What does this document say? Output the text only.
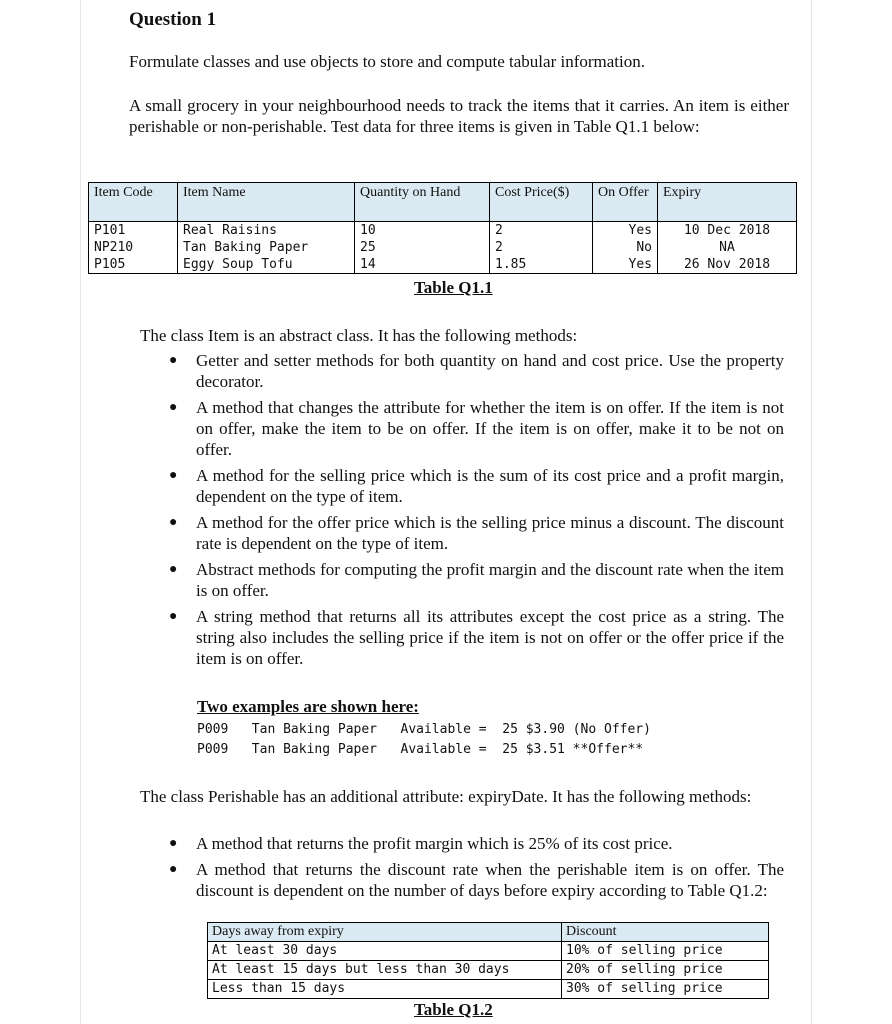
Question 1

Formulate classes and use objects to store and compute tabular information.

A small grocery in your neighbourhood needs to track the items that it carries. An item is either perishable or non-perishable. Test data for three items is given in Table Q1.1 below:

Item Code	Item Name	Quantity on Hand	Cost Price($)	On Offer	Expiry
P101	Real Raisins	10	2	Yes	10 Dec 2018
NP210	Tan Baking Paper	25	2	No	NA
P105	Eggy Soup Tofu	14	1.85	Yes	26 Nov 2018
Table Q1.1

The class Item is an abstract class. It has the following methods:

● Getter and setter methods for both quantity on hand and cost price. Use the property decorator.
● A method that changes the attribute for whether the item is on offer. If the item is not on offer, make the item to be on offer. If the item is on offer, make it to be not on offer.
● A method for the selling price which is the sum of its cost price and a profit margin, dependent on the type of item.
● A method for the offer price which is the selling price minus a discount. The discount rate is dependent on the type of item.
● Abstract methods for computing the profit margin and the discount rate when the item is on offer.
● A string method that returns all its attributes except the cost price as a string. The string also includes the selling price if the item is not on offer or the offer price if the item is on offer.
Two examples are shown here:
P009   Tan Baking Paper   Available =  25 $3.90 (No Offer)
P009   Tan Baking Paper   Available =  25 $3.51 **Offer**

The class Perishable has an additional attribute: expiryDate. It has the following methods:

● A method that returns the profit margin which is 25% of its cost price.
● A method that returns the discount rate when the perishable item is on offer. The discount is dependent on the number of days before expiry according to Table Q1.2:
Days away from expiry	Discount
At least 30 days	10% of selling price
At least 15 days but less than 30 days	20% of selling price
Less than 15 days	30% of selling price
Table Q1.2
